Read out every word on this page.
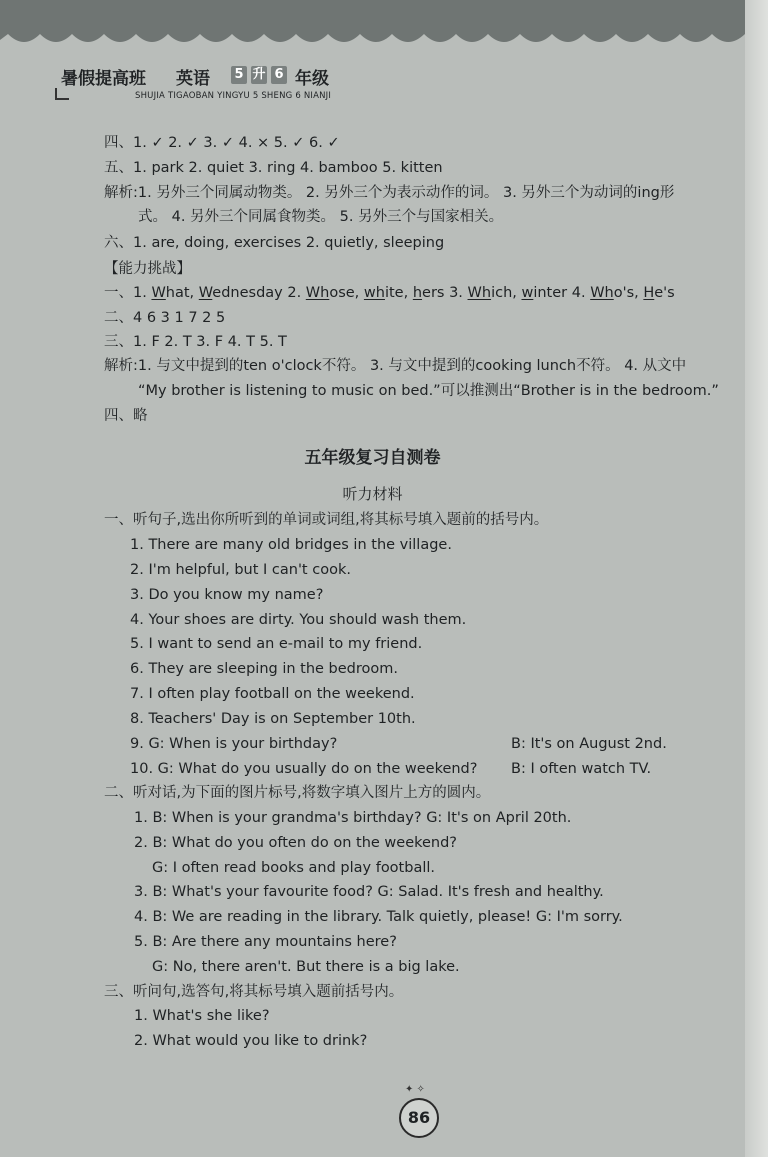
暑假提高班 英语 5 升 6 年级
SHUJIA TIGAOBAN YINGYU 5 SHENG 6 NIANJI
四、1. ✓ 2. ✓ 3. ✓ 4. × 5. ✓ 6. ✓
五、1. park 2. quiet 3. ring 4. bamboo 5. kitten
解析:1. 另外三个同属动物类。 2. 另外三个为表示动作的词。 3. 另外三个为动词的ing形
式。 4. 另外三个同属食物类。 5. 另外三个与国家相关。
六、1. are, doing, exercises 2. quietly, sleeping
【能力挑战】
一、1. What, Wednesday 2. Whose, white, hers 3. Which, winter 4. Who's, He's
二、4 6 3 1 7 2 5
三、1. F 2. T 3. F 4. T 5. T
解析:1. 与文中提到的ten o'clock不符。 3. 与文中提到的cooking lunch不符。 4. 从文中
“My brother is listening to music on bed.”可以推测出“Brother is in the bedroom.”
四、略
五年级复习自测卷
听力材料
一、听句子,选出你所听到的单词或词组,将其标号填入题前的括号内。
1. There are many old bridges in the village.
2. I'm helpful, but I can't cook.
3. Do you know my name?
4. Your shoes are dirty. You should wash them.
5. I want to send an e-mail to my friend.
6. They are sleeping in the bedroom.
7. I often play football on the weekend.
8. Teachers' Day is on September 10th.
9. G: When is your birthday?	B: It's on August 2nd.
10. G: What do you usually do on the weekend? B: I often watch TV.
二、听对话,为下面的图片标号,将数字填入图片上方的圆内。
1. B: When is your grandma's birthday? G: It's on April 20th.
2. B: What do you often do on the weekend?
G: I often read books and play football.
3. B: What's your favourite food? G: Salad. It's fresh and healthy.
4. B: We are reading in the library. Talk quietly, please! G: I'm sorry.
5. B: Are there any mountains here?
G: No, there aren't. But there is a big lake.
三、听问句,选答句,将其标号填入题前括号内。
1. What's she like?
2. What would you like to drink?
✦ ✧
86
